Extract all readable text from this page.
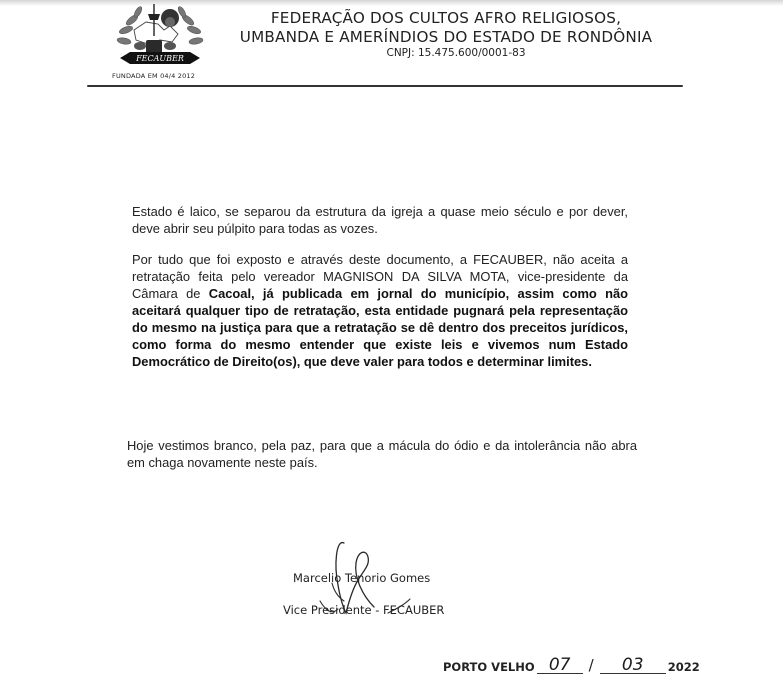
FECAUBER
FUNDADA EM 04/4 2012
FEDERAÇÃO DOS CULTOS AFRO RELIGIOSOS,
UMBANDA E AMERÍNDIOS DO ESTADO DE RONDÔNIA
CNPJ: 15.475.600/0001-83

Estado é laico, se separou da estrutura da igreja a quase meio século e por dever, deve abrir seu púlpito para todas as vozes.

Por tudo que foi exposto e através deste documento, a FECAUBER, não aceita a retratação feita pelo vereador MAGNISON DA SILVA MOTA, vice-presidente da Câmara de Cacoal, já publicada em jornal do município, assim como não aceitará qualquer tipo de retratação, esta entidade pugnará pela representação do mesmo na justiça para que a retratação se dê dentro dos preceitos jurídicos, como forma do mesmo entender que existe leis e vivemos num Estado Democrático de Direito(os), que deve valer para todos e determinar limites.

Hoje vestimos branco, pela paz, para que a mácula do ódio e da intolerância não abra em chaga novamente neste país.

Marcelio Tenorio Gomes
Vice Presidente - FECAUBER
PORTO VELHO 07	/	03	2022
